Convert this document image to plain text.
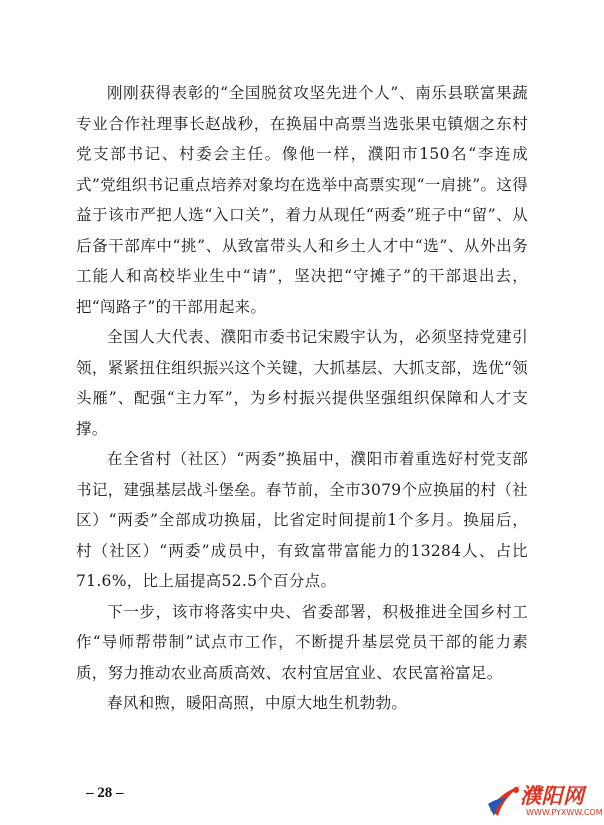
刚刚获得表彰的“全国脱贫攻坚先进个人”、南乐县联富果蔬专业合作社理事长赵战秒，在换届中高票当选张果屯镇烟之东村党支部书记、村委会主任。像他一样，濮阳市150名“李连成式”党组织书记重点培养对象均在选举中高票实现“一肩挑”。这得益于该市严把人选“入口关”，着力从现任“两委”班子中“留”、从后备干部库中“挑”、从致富带头人和乡土人才中“选”、从外出务工能人和高校毕业生中“请”，坚决把“守摊子”的干部退出去，把“闯路子”的干部用起来。

全国人大代表、濮阳市委书记宋殿宇认为，必须坚持党建引领，紧紧扭住组织振兴这个关键，大抓基层、大抓支部，选优“领头雁”、配强“主力军”，为乡村振兴提供坚强组织保障和人才支撑。

在全省村（社区）“两委”换届中，濮阳市着重选好村党支部书记，建强基层战斗堡垒。春节前，全市3079个应换届的村（社区）“两委”全部成功换届，比省定时间提前1个多月。换届后，村（社区）“两委”成员中，有致富带富能力的13284人、占比71.6%，比上届提高52.5个百分点。

下一步，该市将落实中央、省委部署，积极推进全国乡村工作“导师帮带制”试点市工作，不断提升基层党员干部的能力素质，努力推动农业高质高效、农村宜居宜业、农民富裕富足。

春风和煦，暖阳高照，中原大地生机勃勃。

– 28 –	濮阳网
WWW.PYXWW.COM
